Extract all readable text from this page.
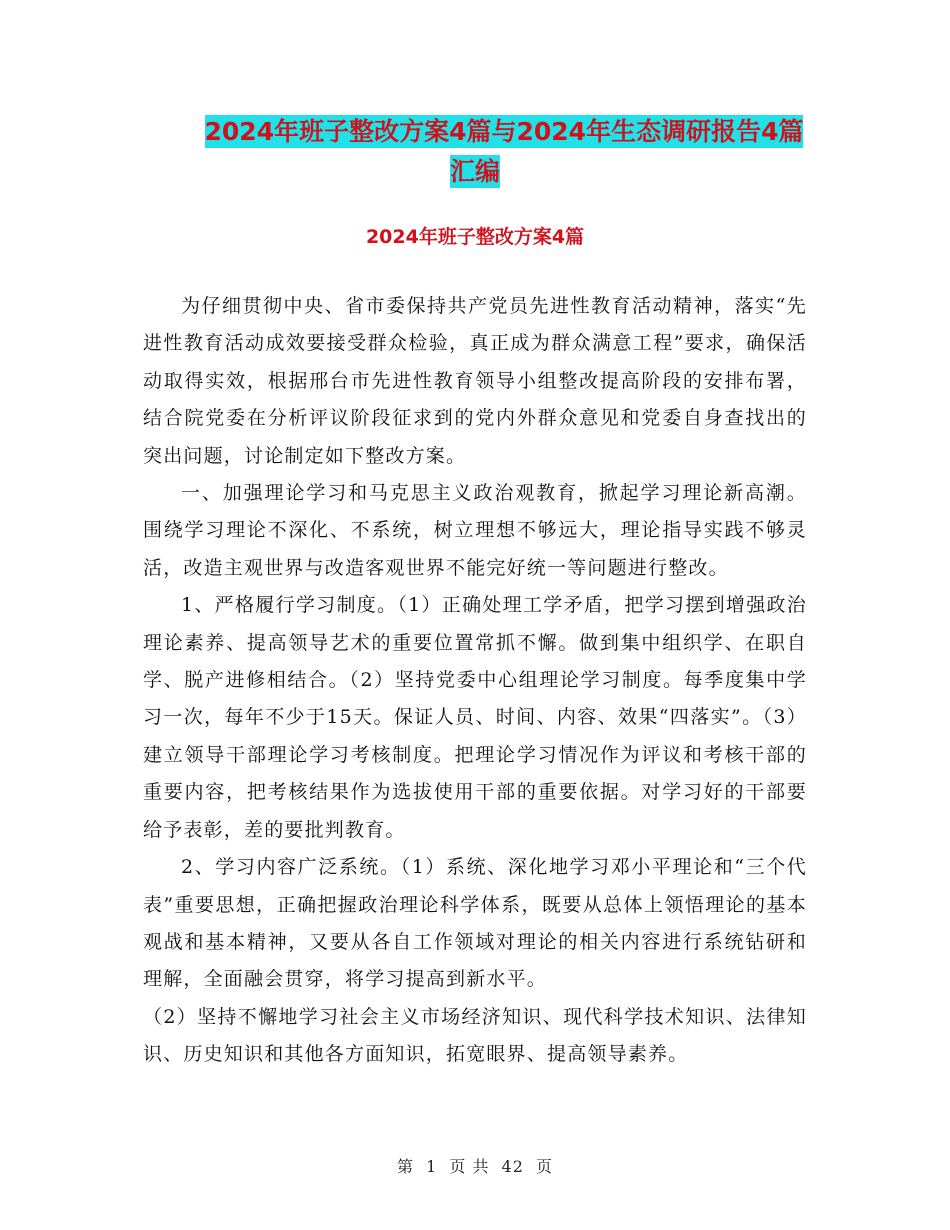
2024年班子整改方案4篇与2024年生态调研报告4篇
汇编
2024年班子整改方案4篇

为仔细贯彻中央、省市委保持共产党员先进性教育活动精神，落实“先进性教育活动成效要接受群众检验，真正成为群众满意工程”要求，确保活动取得实效，根据邢台市先进性教育领导小组整改提高阶段的安排布署，结合院党委在分析评议阶段征求到的党内外群众意见和党委自身查找出的突出问题，讨论制定如下整改方案。

一、加强理论学习和马克思主义政治观教育，掀起学习理论新高潮。围绕学习理论不深化、不系统，树立理想不够远大，理论指导实践不够灵活，改造主观世界与改造客观世界不能完好统一等问题进行整改。

1、严格履行学习制度。（1）正确处理工学矛盾，把学习摆到增强政治理论素养、提高领导艺术的重要位置常抓不懈。做到集中组织学、在职自学、脱产进修相结合。（2）坚持党委中心组理论学习制度。每季度集中学习一次，每年不少于15天。保证人员、时间、内容、效果“四落实”。（3）建立领导干部理论学习考核制度。把理论学习情况作为评议和考核干部的重要内容，把考核结果作为选拔使用干部的重要依据。对学习好的干部要给予表彰，差的要批判教育。

2、学习内容广泛系统。（1）系统、深化地学习邓小平理论和“三个代表”重要思想，正确把握政治理论科学体系，既要从总体上领悟理论的基本观战和基本精神，又要从各自工作领域对理论的相关内容进行系统钻研和理解，全面融会贯穿，将学习提高到新水平。

（2）坚持不懈地学习社会主义市场经济知识、现代科学技术知识、法律知识、历史知识和其他各方面知识，拓宽眼界、提高领导素养。

第 1 页 共 42 页
